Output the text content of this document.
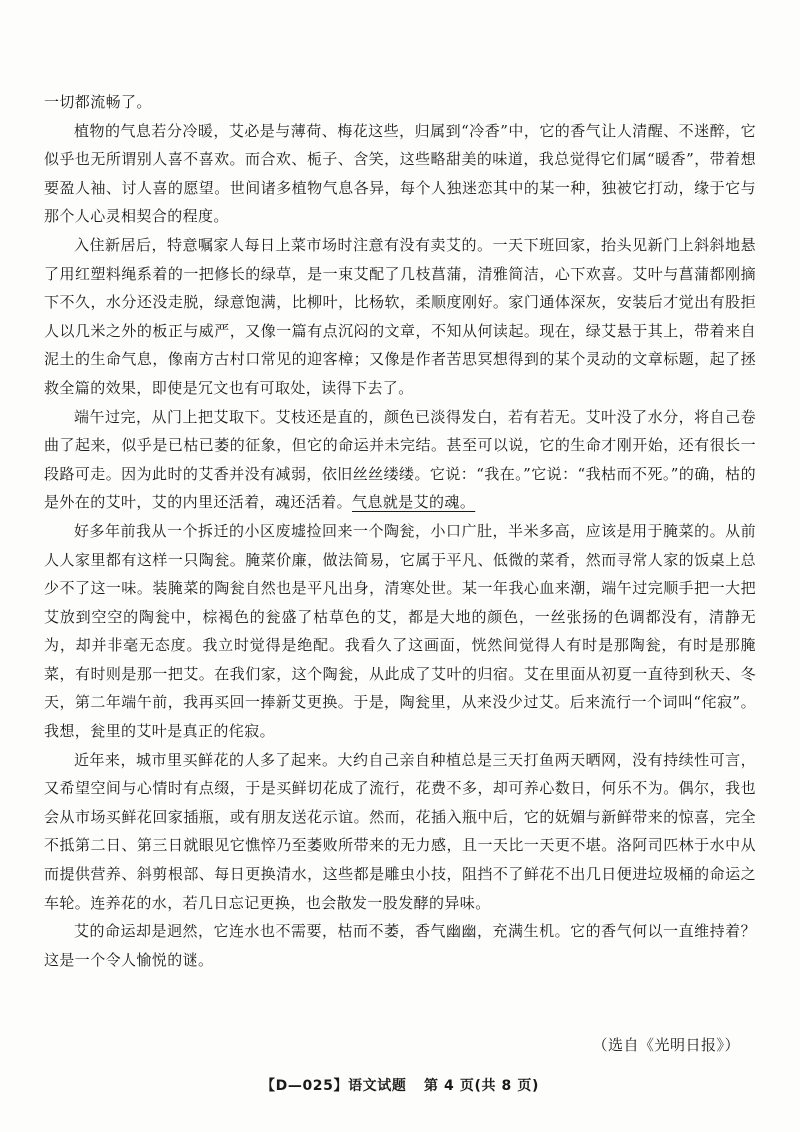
一切都流畅了。

植物的气息若分冷暖，艾必是与薄荷、梅花这些，归属到“冷香”中，它的香气让人清醒、不迷醉，它似乎也无所谓别人喜不喜欢。而合欢、栀子、含笑，这些略甜美的味道，我总觉得它们属“暖香”，带着想要盈人袖、讨人喜的愿望。世间诸多植物气息各异，每个人独迷恋其中的某一种，独被它打动，缘于它与那个人心灵相契合的程度。

入住新居后，特意嘱家人每日上菜市场时注意有没有卖艾的。一天下班回家，抬头见新门上斜斜地悬了用红塑料绳系着的一把修长的绿草，是一束艾配了几枝菖蒲，清雅简洁，心下欢喜。艾叶与菖蒲都刚摘下不久，水分还没走脱，绿意饱满，比柳叶，比杨软，柔顺度刚好。家门通体深灰，安装后才觉出有股拒人以几米之外的板正与威严，又像一篇有点沉闷的文章，不知从何读起。现在，绿艾悬于其上，带着来自泥土的生命气息，像南方古村口常见的迎客樟；又像是作者苦思冥想得到的某个灵动的文章标题，起了拯救全篇的效果，即使是冗文也有可取处，读得下去了。

端午过完，从门上把艾取下。艾枝还是直的，颜色已淡得发白，若有若无。艾叶没了水分，将自己卷曲了起来，似乎是已枯已萎的征象，但它的命运并未完结。甚至可以说，它的生命才刚开始，还有很长一段路可走。因为此时的艾香并没有减弱，依旧丝丝缕缕。它说：“我在。”它说：“我枯而不死。”的确，枯的是外在的艾叶，艾的内里还活着，魂还活着。气息就是艾的魂。

好多年前我从一个拆迁的小区废墟捡回来一个陶瓮，小口广肚，半米多高，应该是用于腌菜的。从前人人家里都有这样一只陶瓮。腌菜价廉，做法简易，它属于平凡、低微的菜肴，然而寻常人家的饭桌上总少不了这一味。装腌菜的陶瓮自然也是平凡出身，清寒处世。某一年我心血来潮，端午过完顺手把一大把艾放到空空的陶瓮中，棕褐色的瓮盛了枯草色的艾，都是大地的颜色，一丝张扬的色调都没有，清静无为，却并非毫无态度。我立时觉得是绝配。我看久了这画面，恍然间觉得人有时是那陶瓮，有时是那腌菜，有时则是那一把艾。在我们家，这个陶瓮，从此成了艾叶的归宿。艾在里面从初夏一直待到秋天、冬天，第二年端午前，我再买回一捧新艾更换。于是，陶瓮里，从来没少过艾。后来流行一个词叫“侘寂”。我想，瓮里的艾叶是真正的侘寂。

近年来，城市里买鲜花的人多了起来。大约自己亲自种植总是三天打鱼两天晒网，没有持续性可言，又希望空间与心情时有点缀，于是买鲜切花成了流行，花费不多，却可养心数日，何乐不为。偶尔，我也会从市场买鲜花回家插瓶，或有朋友送花示谊。然而，花插入瓶中后，它的妩媚与新鲜带来的惊喜，完全不抵第二日、第三日就眼见它憔悴乃至萎败所带来的无力感，且一天比一天更不堪。洛阿司匹林于水中从而提供营养、斜剪根部、每日更换清水，这些都是雕虫小技，阻挡不了鲜花不出几日便进垃圾桶的命运之车轮。连养花的水，若几日忘记更换，也会散发一股发酵的异味。

艾的命运却是迥然，它连水也不需要，枯而不萎，香气幽幽，充满生机。它的香气何以一直维持着？这是一个令人愉悦的谜。

（选自《光明日报》）
【D—025】语文试题 第 4 页(共 8 页)
